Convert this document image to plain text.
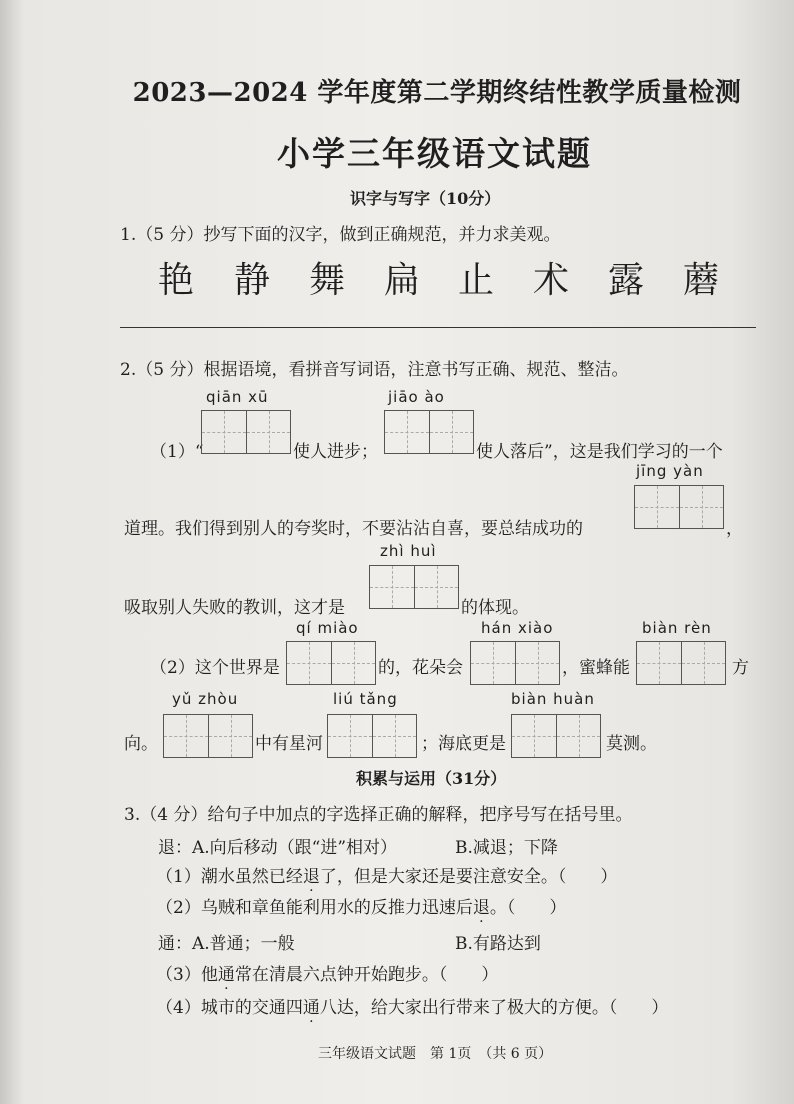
2023—2024 学年度第二学期终结性教学质量检测
小学三年级语文试题
识字与写字（10分）
1.（5 分）抄写下面的汉字，做到正确规范，并力求美观。
艳 静 舞 扁 止 术 露 蘑
2.（5 分）根据语境，看拼音写词语，注意书写正确、规范、整洁。
qiān xū	jiāo ào
（1）“	使人进步；	使人落后”，这是我们学习的一个
jīng yàn
道理。我们得到别人的夸奖时，不要沾沾自喜，要总结成功的	，
zhì huì
吸取别人失败的教训，这才是	的体现。
qí miào	hán xiào	biàn rèn
（2）这个世界是	的，花朵会	，蜜蜂能	方
yǔ zhòu	liú tǎng	biàn huàn
向。	中有星河	；海底更是	莫测。
积累与运用（31分）
3.（4 分）给句子中加点的字选择正确的解释，把序号写在括号里。
退：A.向后移动（跟“进”相对）	B.减退；下降
（1）潮水虽然已经退了，但是大家还是要注意安全。（　　）
（2）乌贼和章鱼能利用水的反推力迅速后退。（　　）
通：A.普通；一般	B.有路达到
（3）他通常在清晨六点钟开始跑步。（　　）
（4）城市的交通四通八达，给大家出行带来了极大的方便。（　　）
三年级语文试题　第 1页　（共 6 页）
